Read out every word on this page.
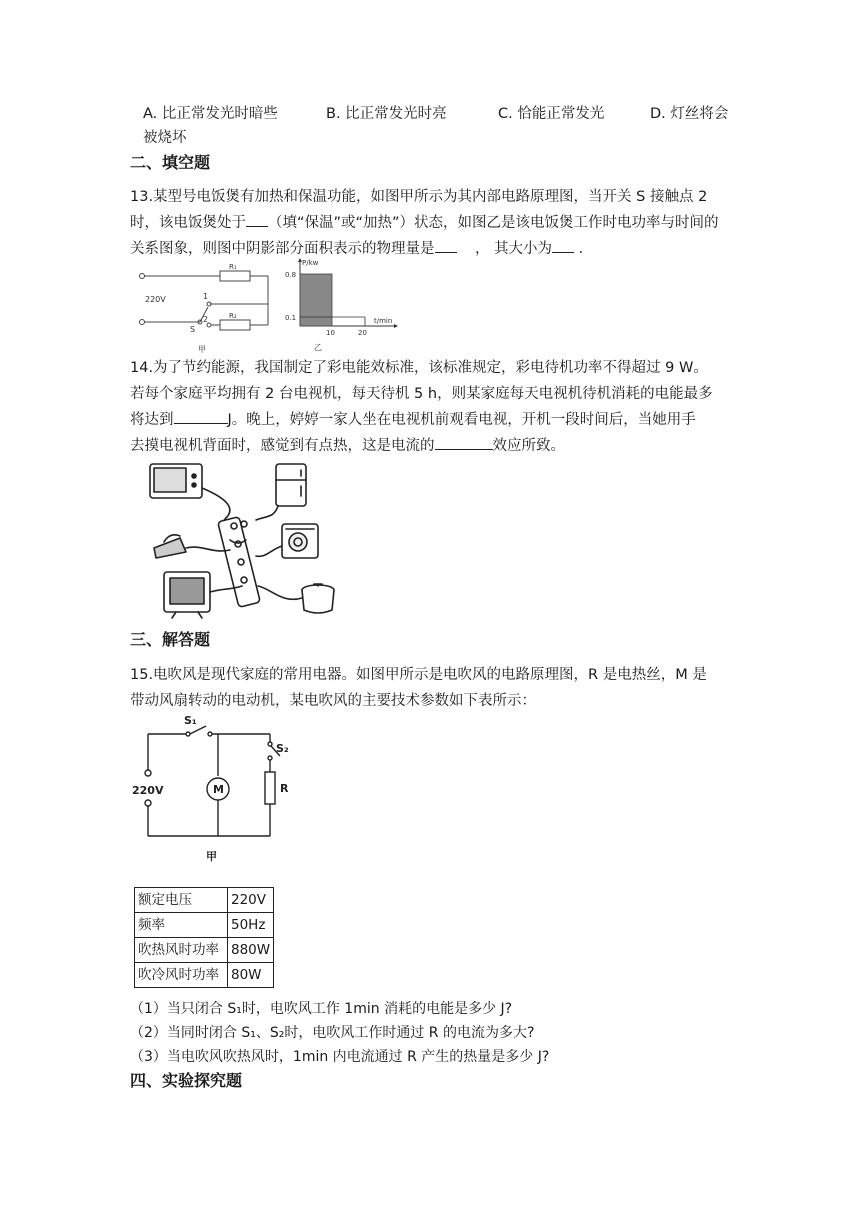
A. 比正常发光时暗些	B. 比正常发光时亮	C. 恰能正常发光	D. 灯丝将会
被烧坏
二、填空题
13.某型号电饭煲有加热和保温功能，如图甲所示为其内部电路原理图，当开关 S 接触点 2
时，该电饭煲处于 （填“保温”或“加热”）状态，如图乙是该电饭煲工作时电功率与时间的
关系图象，则图中阴影部分面积表示的物理量是	， 其大小为 .
220V
R₁
R₂
1
2
S
甲
P/kw
t/min
0.8
0.1
10	20
乙
14.为了节约能源，我国制定了彩电能效标准，该标准规定，彩电待机功率不得超过 9 W。
若每个家庭平均拥有 2 台电视机，每天待机 5 h，则某家庭每天电视机待机消耗的电能最多
将达到	J。晚上，婷婷一家人坐在电视机前观看电视，开机一段时间后，当她用手
去摸电视机背面时，感觉到有点热，这是电流的	效应所致。
三、解答题
15.电吹风是现代家庭的常用电器。如图甲所示是电吹风的电路原理图，R 是电热丝，M 是
带动风扇转动的电动机，某电吹风的主要技术参数如下表所示：
S₁
S₂
220V	M	R
甲
额定电压	220V
频率	50Hz
吹热风时功率	880W
吹冷风时功率	80W
（1）当只闭合 S₁时，电吹风工作 1min 消耗的电能是多少 J?
（2）当同时闭合 S₁、S₂时，电吹风工作时通过 R 的电流为多大?
（3）当电吹风吹热风时，1min 内电流通过 R 产生的热量是多少 J?
四、实验探究题
